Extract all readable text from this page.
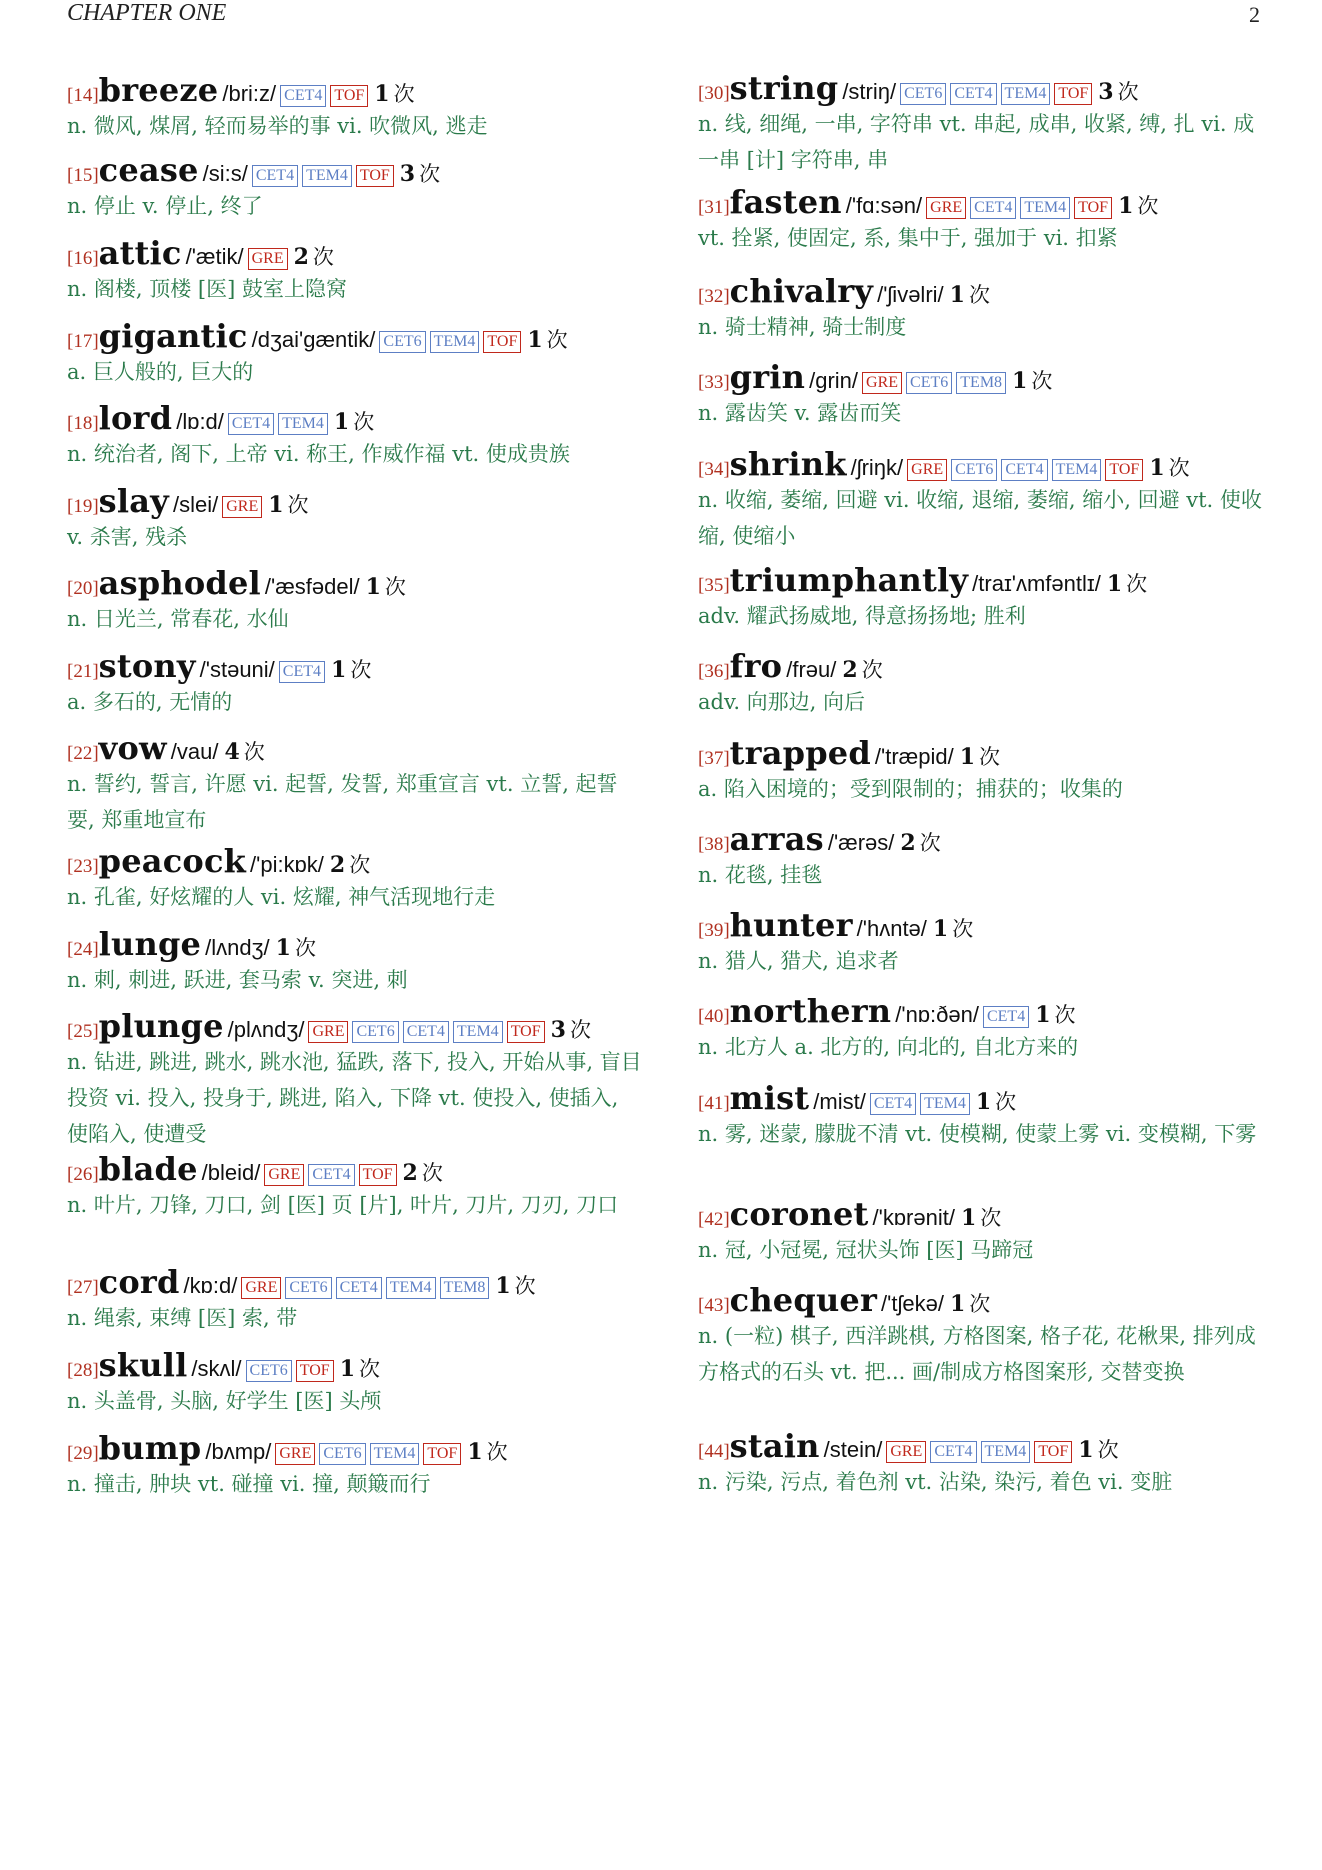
CHAPTER ONE	2
[14]breeze /bri:z/ CET4 TOF 1 次
n. 微风, 煤屑, 轻而易举的事 vi. 吹微风, 逃走
[15]cease /si:s/ CET4 TEM4 TOF 3 次
n. 停止 v. 停止, 终了
[16]attic /'ætik/ GRE 2 次
n. 阁楼, 顶楼 [医] 鼓室上隐窝
[17]gigantic /dʒai'gæntik/ CET6 TEM4 TOF 1 次
a. 巨人般的, 巨大的
[18]lord /lɒ:d/ CET4 TEM4 1 次
n. 统治者, 阁下, 上帝 vi. 称王, 作威作福 vt. 使成贵族
[19]slay /slei/ GRE 1 次
v. 杀害, 残杀
[20]asphodel /'æsfədel/ 1 次
n. 日光兰, 常春花, 水仙
[21]stony /'stəuni/ CET4 1 次
a. 多石的, 无情的
[22]vow /vau/ 4 次
n. 誓约, 誓言, 许愿 vi. 起誓, 发誓, 郑重宣言 vt. 立誓, 起誓要, 郑重地宣布
[23]peacock /'pi:kɒk/ 2 次
n. 孔雀, 好炫耀的人 vi. 炫耀, 神气活现地行走
[24]lunge /lʌndʒ/ 1 次
n. 刺, 刺进, 跃进, 套马索 v. 突进, 刺
[25]plunge /plʌndʒ/ GRE CET6 CET4 TEM4 TOF 3 次
n. 钻进, 跳进, 跳水, 跳水池, 猛跌, 落下, 投入, 开始从事, 盲目投资 vi. 投入, 投身于, 跳进, 陷入, 下降 vt. 使投入, 使插入, 使陷入, 使遭受
[26]blade /bleid/ GRE CET4 TOF 2 次
n. 叶片, 刀锋, 刀口, 剑 [医] 页 [片], 叶片, 刀片, 刀刃, 刀口
[27]cord /kɒ:d/ GRE CET6 CET4 TEM4 TEM8 1 次
n. 绳索, 束缚 [医] 索, 带
[28]skull /skʌl/ CET6 TOF 1 次
n. 头盖骨, 头脑, 好学生 [医] 头颅
[29]bump /bʌmp/ GRE CET6 TEM4 TOF 1 次
n. 撞击, 肿块 vt. 碰撞 vi. 撞, 颠簸而行
[30]string /striŋ/ CET6 CET4 TEM4 TOF 3 次
n. 线, 细绳, 一串, 字符串 vt. 串起, 成串, 收紧, 缚, 扎 vi. 成一串 [计] 字符串, 串
[31]fasten /'fɑ:sən/ GRE CET4 TEM4 TOF 1 次
vt. 拴紧, 使固定, 系, 集中于, 强加于 vi. 扣紧
[32]chivalry /'ʃivəlri/ 1 次
n. 骑士精神, 骑士制度
[33]grin /grin/ GRE CET6 TEM8 1 次
n. 露齿笑 v. 露齿而笑
[34]shrink /ʃriŋk/ GRE CET6 CET4 TEM4 TOF 1 次
n. 收缩, 萎缩, 回避 vi. 收缩, 退缩, 萎缩, 缩小, 回避 vt. 使收缩, 使缩小
[35]triumphantly /traɪ'ʌmfəntlɪ/ 1 次
adv. 耀武扬威地, 得意扬扬地; 胜利
[36]fro /frəu/ 2 次
adv. 向那边, 向后
[37]trapped /'træpid/ 1 次
a. 陷入困境的；受到限制的；捕获的；收集的
[38]arras /'ærəs/ 2 次
n. 花毯, 挂毯
[39]hunter /'hʌntə/ 1 次
n. 猎人, 猎犬, 追求者
[40]northern /'nɒ:ðən/ CET4 1 次
n. 北方人 a. 北方的, 向北的, 自北方来的
[41]mist /mist/ CET4 TEM4 1 次
n. 雾, 迷蒙, 朦胧不清 vt. 使模糊, 使蒙上雾 vi. 变模糊, 下雾
[42]coronet /'kɒrənit/ 1 次
n. 冠, 小冠冕, 冠状头饰 [医] 马蹄冠
[43]chequer /'tʃekə/ 1 次
n. (一粒) 棋子, 西洋跳棋, 方格图案, 格子花, 花楸果, 排列成方格式的石头 vt. 把... 画/制成方格图案形, 交替变换
[44]stain /stein/ GRE CET4 TEM4 TOF 1 次
n. 污染, 污点, 着色剂 vt. 沾染, 染污, 着色 vi. 变脏
